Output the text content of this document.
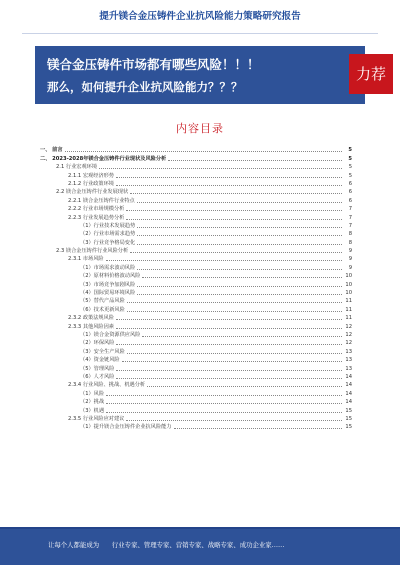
提升镁合金压铸件企业抗风险能力策略研究报告
镁合金压铸件市场都有哪些风险！！！
那么，如何提升企业抗风险能力？？？
力荐
内容目录
一、 前言	5
二、 2023-2028年镁合金压铸件行业现状及风险分析	5
2.1 行业宏观环境	5
2.1.1 宏观经济形势	5
2.1.2 行业政策环境	6
2.2 镁合金压铸件行业发展现状	6
2.2.1 镁合金压铸件行业特点	6
2.2.2 行业市场规模分析	7
2.2.3 行业发展趋势分析	7
（1）行业技术发展趋势	7
（2）行业市场需求趋势	8
（3）行业竞争格局变化	8
2.3 镁合金压铸件行业风险分析	9
2.3.1 市场风险	9
（1）市场需求波动风险	9
（2）原材料价格波动风险	10
（3）市场竞争加剧风险	10
（4）国际贸易环境风险	10
（5）替代产品风险	11
（6）技术更新风险	11
2.3.2 政策法规风险	11
2.3.3 其他风险因素	12
（1）镁合金资源供应风险	12
（2）环保风险	12
（3）安全生产风险	13
（4）资金链风险	13
（5）管理风险	13
（6）人才风险	14
2.3.4 行业风险、挑战、机遇分析	14
（1）风险	14
（2）挑战	14
（3）机遇	15
2.3.5 行业风险应对建议	15
（1）提升镁合金压铸件企业抗风险能力	15
让每个人都能成为　　行业专家、管理专家、营销专家、战略专家、成功企业家……
